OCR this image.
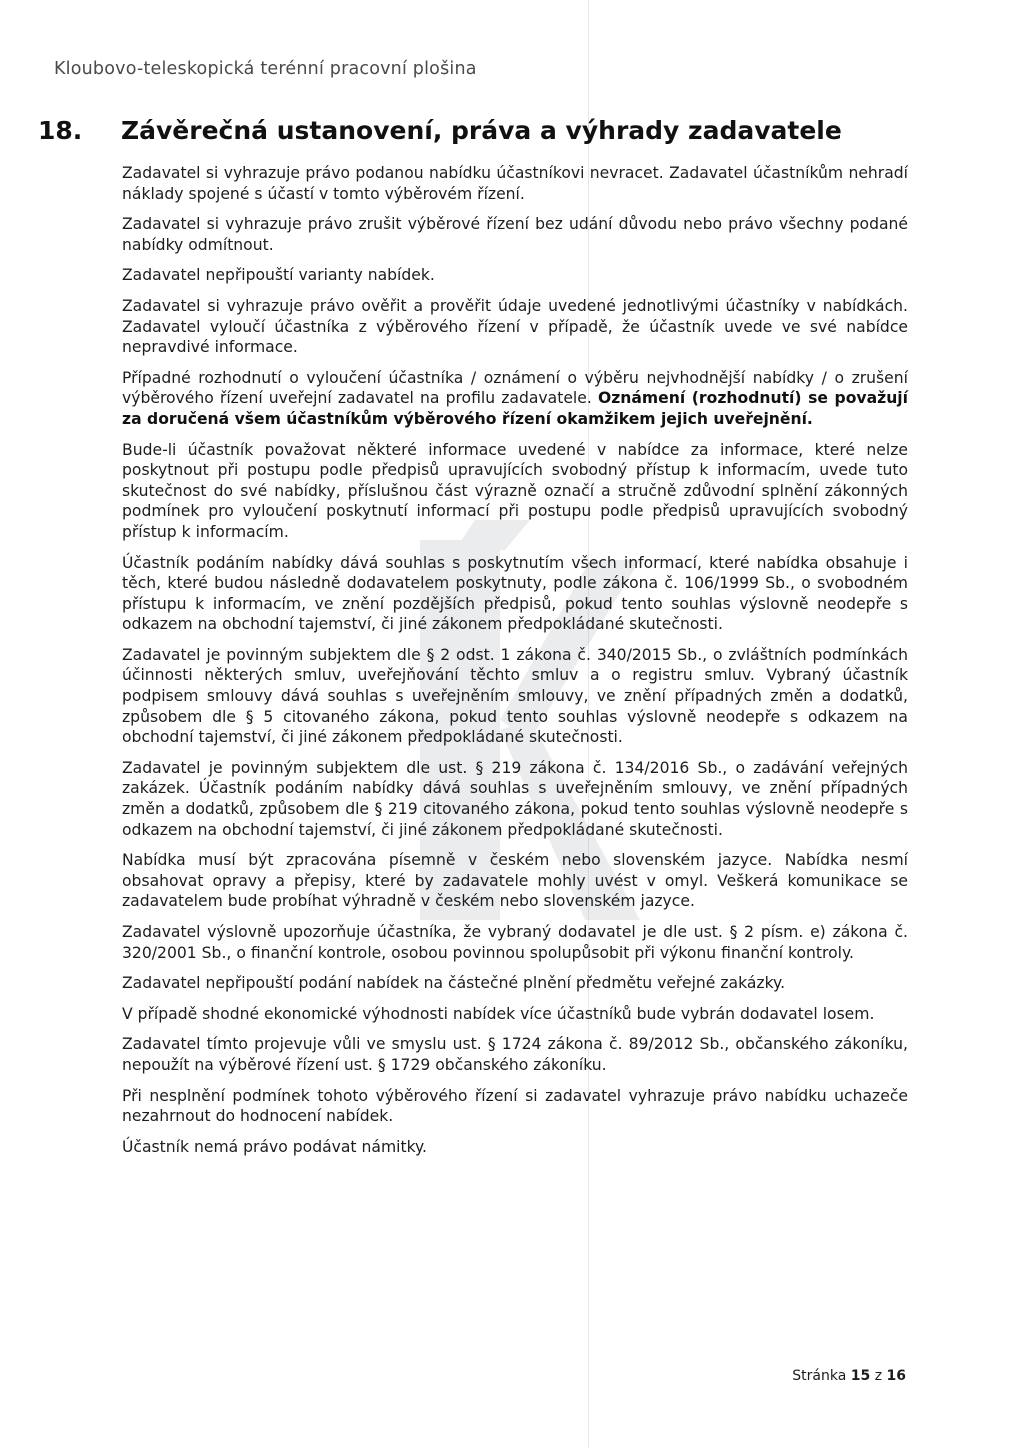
Kloubovo-teleskopická terénní pracovní plošina
18. Závěrečná ustanovení, práva a výhrady zadavatele

Zadavatel si vyhrazuje právo podanou nabídku účastníkovi nevracet. Zadavatel účastníkům nehradí náklady spojené s účastí v tomto výběrovém řízení.

Zadavatel si vyhrazuje právo zrušit výběrové řízení bez udání důvodu nebo právo všechny podané nabídky odmítnout.

Zadavatel nepřipouští varianty nabídek.

Zadavatel si vyhrazuje právo ověřit a prověřit údaje uvedené jednotlivými účastníky v nabídkách. Zadavatel vyloučí účastníka z výběrového řízení v případě, že účastník uvede ve své nabídce nepravdivé informace.

Případné rozhodnutí o vyloučení účastníka / oznámení o výběru nejvhodnější nabídky / o zrušení výběrového řízení uveřejní zadavatel na profilu zadavatele. Oznámení (rozhodnutí) se považují za doručená všem účastníkům výběrového řízení okamžikem jejich uveřejnění.

Bude-li účastník považovat některé informace uvedené v nabídce za informace, které nelze poskytnout při postupu podle předpisů upravujících svobodný přístup k informacím, uvede tuto skutečnost do své nabídky, příslušnou část výrazně označí a stručně zdůvodní splnění zákonných podmínek pro vyloučení poskytnutí informací při postupu podle předpisů upravujících svobodný přístup k informacím.

Účastník podáním nabídky dává souhlas s poskytnutím všech informací, které nabídka obsahuje i těch, které budou následně dodavatelem poskytnuty, podle zákona č. 106/1999 Sb., o svobodném přístupu k informacím, ve znění pozdějších předpisů, pokud tento souhlas výslovně neodepře s odkazem na obchodní tajemství, či jiné zákonem předpokládané skutečnosti.

Zadavatel je povinným subjektem dle § 2 odst. 1 zákona č. 340/2015 Sb., o zvláštních podmínkách účinnosti některých smluv, uveřejňování těchto smluv a o registru smluv. Vybraný účastník podpisem smlouvy dává souhlas s uveřejněním smlouvy, ve znění případných změn a dodatků, způsobem dle § 5 citovaného zákona, pokud tento souhlas výslovně neodepře s odkazem na obchodní tajemství, či jiné zákonem předpokládané skutečnosti.

Zadavatel je povinným subjektem dle ust. § 219 zákona č. 134/2016 Sb., o zadávání veřejných zakázek. Účastník podáním nabídky dává souhlas s uveřejněním smlouvy, ve znění případných změn a dodatků, způsobem dle § 219 citovaného zákona, pokud tento souhlas výslovně neodepře s odkazem na obchodní tajemství, či jiné zákonem předpokládané skutečnosti.

Nabídka musí být zpracována písemně v českém nebo slovenském jazyce. Nabídka nesmí obsahovat opravy a přepisy, které by zadavatele mohly uvést v omyl. Veškerá komunikace se zadavatelem bude probíhat výhradně v českém nebo slovenském jazyce.

Zadavatel výslovně upozorňuje účastníka, že vybraný dodavatel je dle ust. § 2 písm. e) zákona č. 320/2001 Sb., o finanční kontrole, osobou povinnou spolupůsobit při výkonu finanční kontroly.

Zadavatel nepřipouští podání nabídek na částečné plnění předmětu veřejné zakázky.

V případě shodné ekonomické výhodnosti nabídek více účastníků bude vybrán dodavatel losem.

Zadavatel tímto projevuje vůli ve smyslu ust. § 1724 zákona č. 89/2012 Sb., občanského zákoníku, nepoužít na výběrové řízení ust. § 1729 občanského zákoníku.

Při nesplnění podmínek tohoto výběrového řízení si zadavatel vyhrazuje právo nabídku uchazeče nezahrnout do hodnocení nabídek.

Účastník nemá právo podávat námitky.

Stránka 15 z 16
